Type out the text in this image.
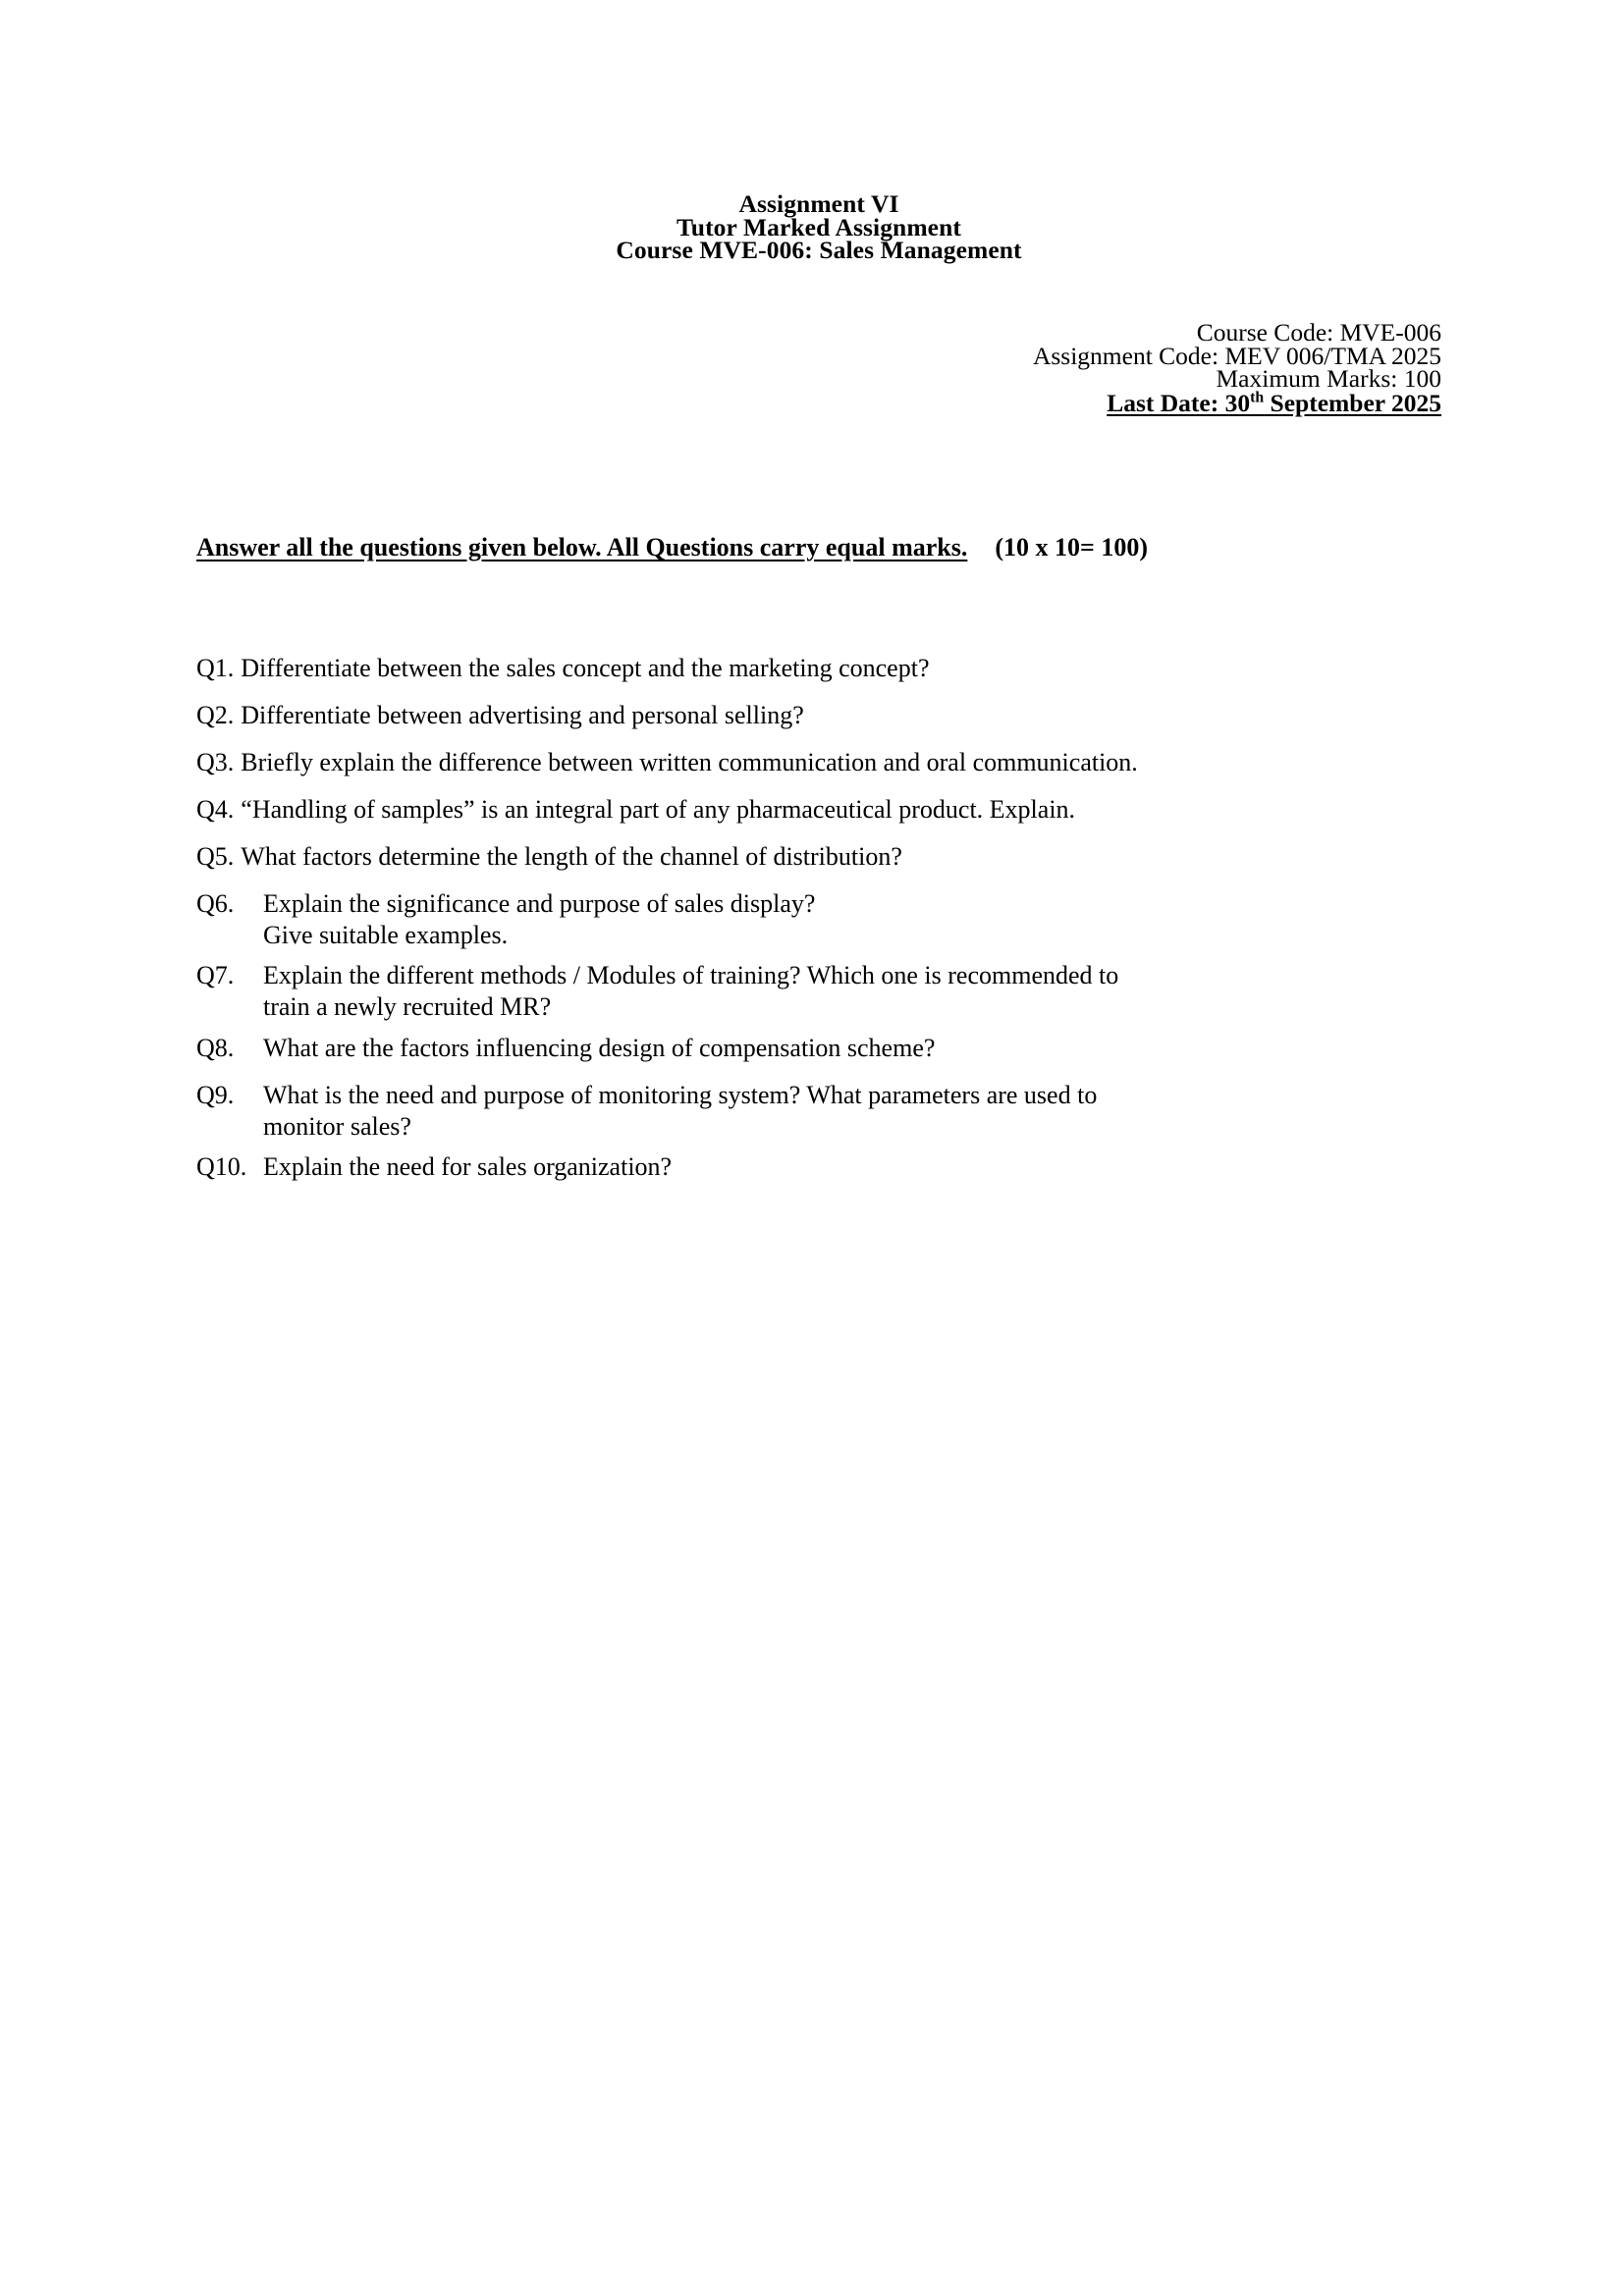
Assignment VI
Tutor Marked Assignment
Course MVE-006: Sales Management
Course Code: MVE-006
Assignment Code: MEV 006/TMA 2025
Maximum Marks: 100
Last Date: 30th September 2025
Answer all the questions given below. All Questions carry equal marks. (10 x 10= 100)
Q1. Differentiate between the sales concept and the marketing concept?
Q2. Differentiate between advertising and personal selling?
Q3. Briefly explain the difference between written communication and oral communication.
Q4. “Handling of samples” is an integral part of any pharmaceutical product. Explain.
Q5. What factors determine the length of the channel of distribution?
Q6.	Explain the significance and purpose of sales display?
Give suitable examples.
Q7.	Explain the different methods / Modules of training? Which one is recommended to
train a newly recruited MR?
Q8.	What are the factors influencing design of compensation scheme?
Q9.	What is the need and purpose of monitoring system? What parameters are used to
monitor sales?
Q10. Explain the need for sales organization?
